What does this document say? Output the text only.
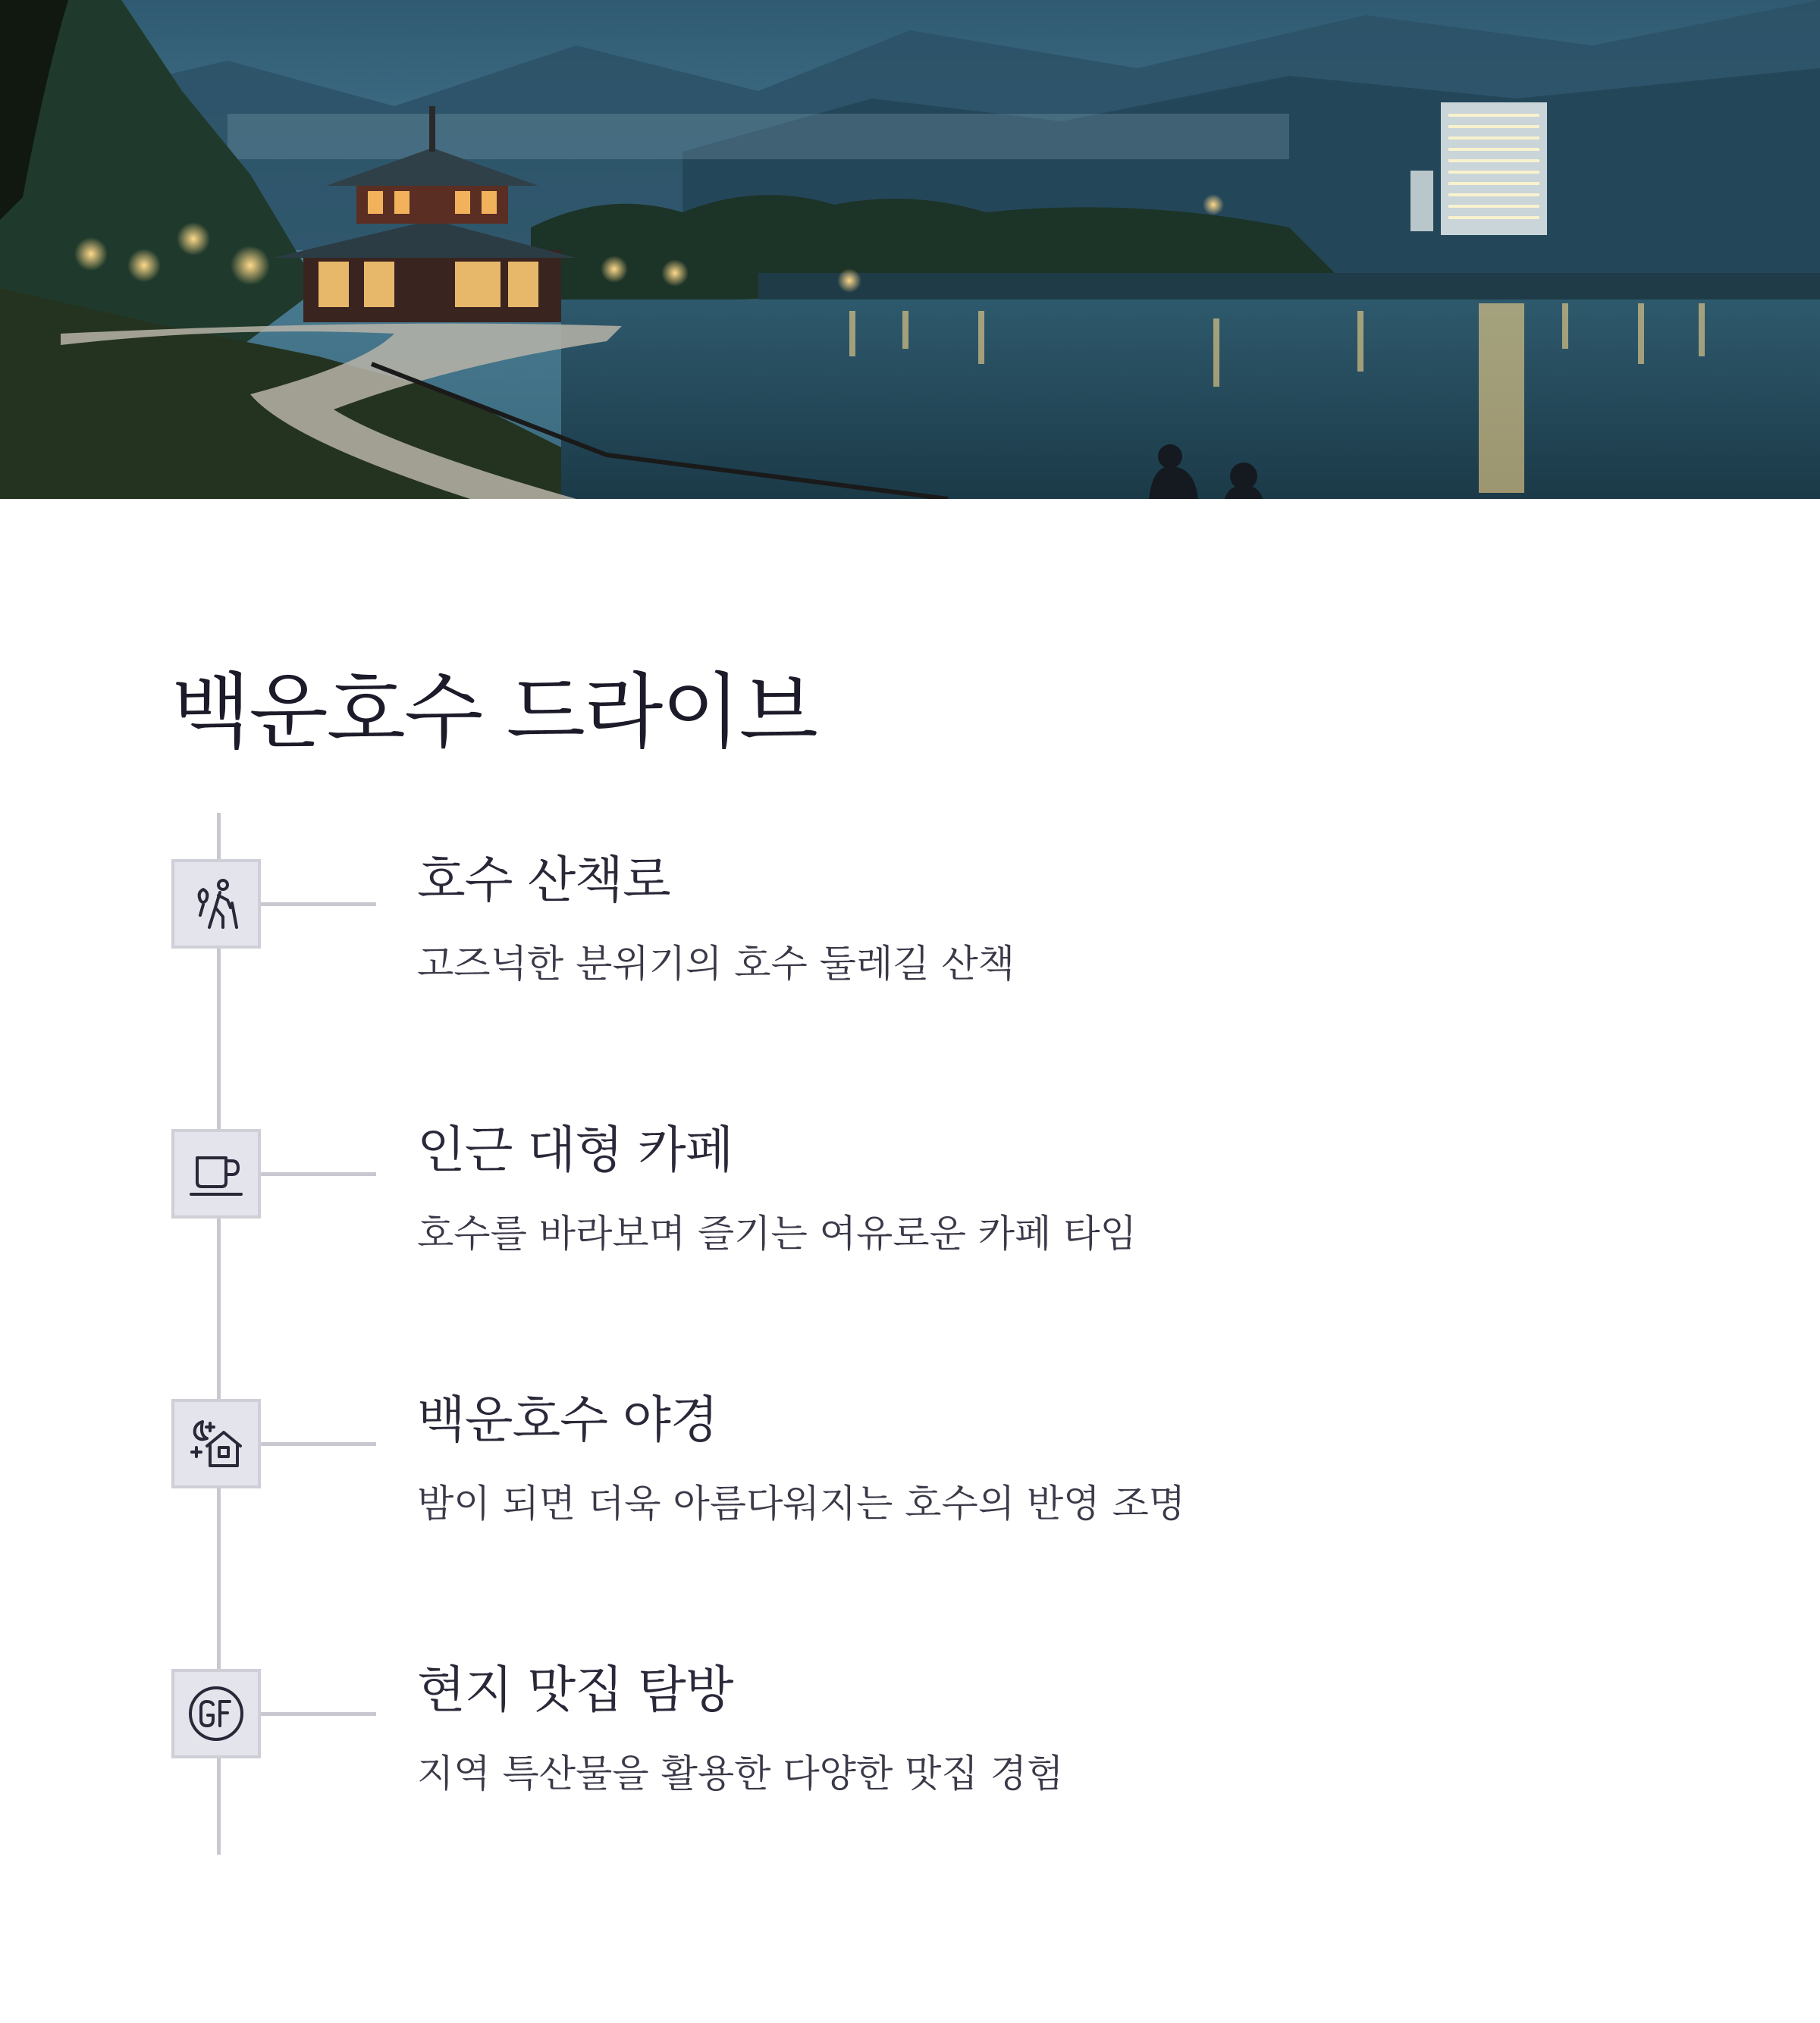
백운호수 드라이브
호수 산책로

고즈넉한 분위기의 호수 둘레길 산책

인근 대형 카페

호수를 바라보며 즐기는 여유로운 카페 타임

백운호수 야경

밤이 되면 더욱 아름다워지는 호수의 반영 조명

현지 맛집 탐방

지역 특산물을 활용한 다양한 맛집 경험
